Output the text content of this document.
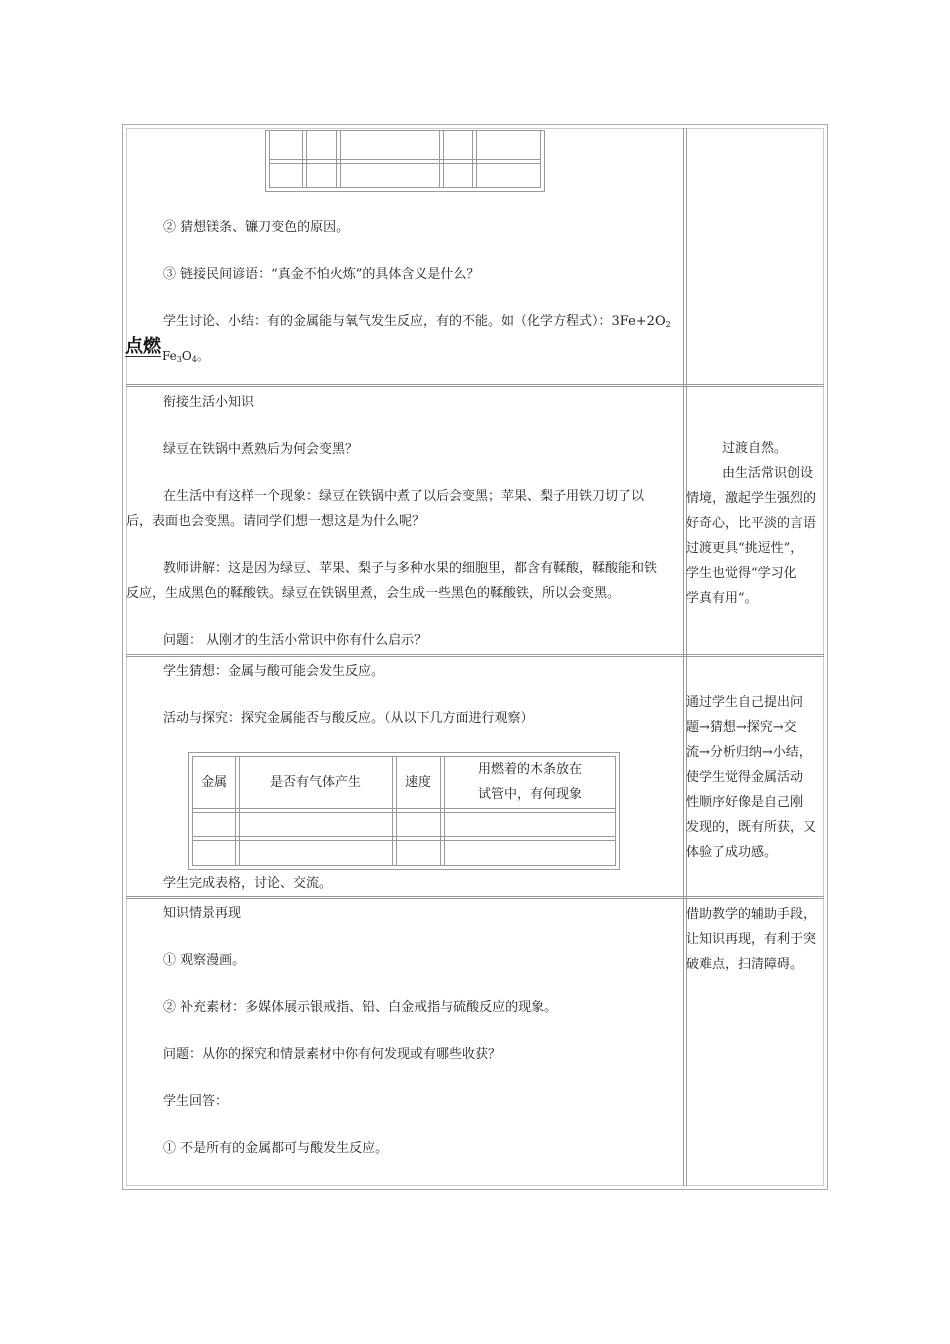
② 猜想镁条、镰刀变色的原因。
③ 链接民间谚语：“真金不怕火炼”的具体含义是什么？
学生讨论、小结：有的金属能与氧气发生反应，有的不能。如（化学方程式）：$3Fe+2O_2$
点燃 $Fe_3O_4$。
衔接生活小知识
绿豆在铁锅中煮熟后为何会变黑？
在生活中有这样一个现象：绿豆在铁锅中煮了以后会变黑；苹果、梨子用铁刀切了以
后，表面也会变黑。请同学们想一想这是为什么呢？
教师讲解：这是因为绿豆、苹果、梨子与多种水果的细胞里，都含有鞣酸，鞣酸能和铁
反应，生成黑色的鞣酸铁。绿豆在铁锅里煮，会生成一些黑色的鞣酸铁，所以会变黑。
问题： 从刚才的生活小常识中你有什么启示？
过渡自然。
由生活常识创设
情境，激起学生强烈的
好奇心，比平淡的言语
过渡更具“挑逗性”，
学生也觉得“学习化
学真有用”。
学生猜想：金属与酸可能会发生反应。
活动与探究：探究金属能否与酸反应。（从以下几方面进行观察）
金属	是否有气体产生	速度
用燃着的木条放在
试管中，有何现象
学生完成表格，讨论、交流。
通过学生自己提出问
题→猜想→探究→交
流→分析归纳→小结，
使学生觉得金属活动
性顺序好像是自己刚
发现的，既有所获，又
体验了成功感。
知识情景再现
① 观察漫画。
② 补充素材：多媒体展示银戒指、铅、白金戒指与硫酸反应的现象。
问题：从你的探究和情景素材中你有何发现或有哪些收获？
学生回答：
① 不是所有的金属都可与酸发生反应。
借助教学的辅助手段，
让知识再现，有利于突
破难点，扫清障碍。
